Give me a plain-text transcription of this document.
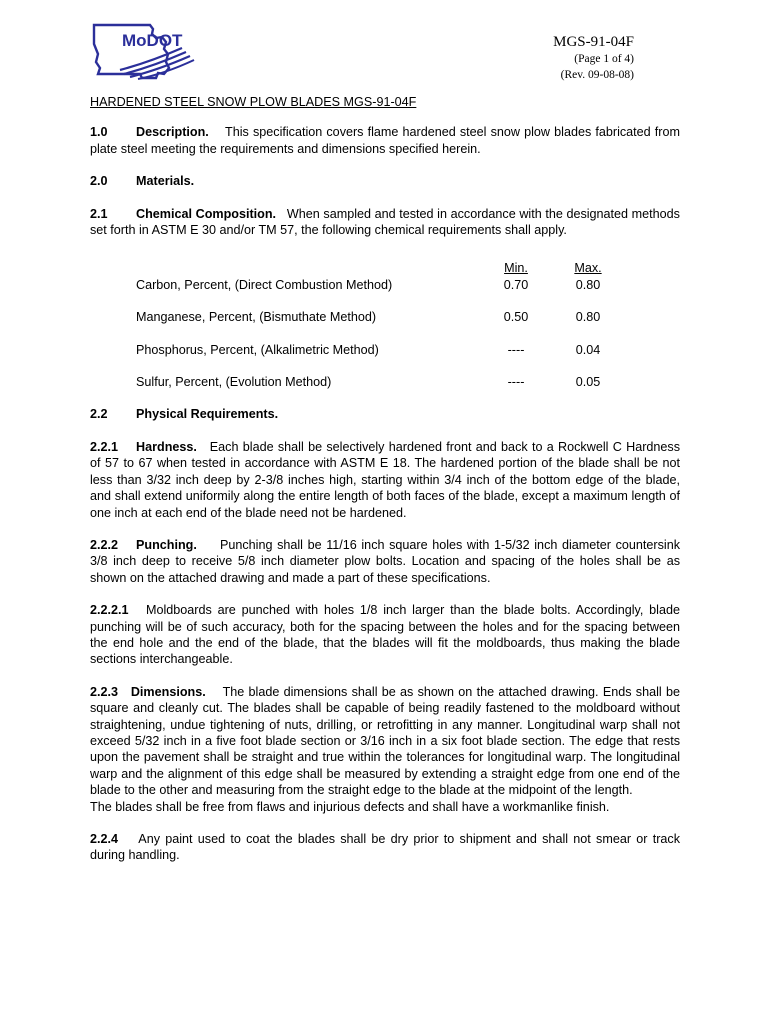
MoDOT	MGS-91-04F
(Page 1 of 4)
(Rev. 09-08-08)
HARDENED STEEL SNOW PLOW BLADES MGS-91-04F

1.0 Description. This specification covers flame hardened steel snow plow blades fabricated from plate steel meeting the requirements and dimensions specified herein.

2.0 Materials.

2.1 Chemical Composition. When sampled and tested in accordance with the designated methods set forth in ASTM E 30 and/or TM 57, the following chemical requirements shall apply.

	Min.	Max.
Carbon, Percent, (Direct Combustion Method)	0.70	0.80

Manganese, Percent, (Bismuthate Method)	0.50	0.80

Phosphorus, Percent, (Alkalimetric Method)	----	0.04

Sulfur, Percent, (Evolution Method)	----	0.05

2.2 Physical Requirements.

2.2.1 Hardness. Each blade shall be selectively hardened front and back to a Rockwell C Hardness of 57 to 67 when tested in accordance with ASTM E 18. The hardened portion of the blade shall be not less than 3/32 inch deep by 2-3/8 inches high, starting within 3/4 inch of the bottom edge of the blade, and shall extend uniformily along the entire length of both faces of the blade, except a maximum length of one inch at each end of the blade need not be hardened.

2.2.2 Punching. Punching shall be 11/16 inch square holes with 1-5/32 inch diameter countersink 3/8 inch deep to receive 5/8 inch diameter plow bolts. Location and spacing of the holes shall be as shown on the attached drawing and made a part of these specifications.

2.2.2.1 Moldboards are punched with holes 1/8 inch larger than the blade bolts. Accordingly, blade punching will be of such accuracy, both for the spacing between the holes and for the spacing between the end hole and the end of the blade, that the blades will fit the moldboards, thus making the blade sections interchangeable.

2.2.3 Dimensions. The blade dimensions shall be as shown on the attached drawing. Ends shall be square and cleanly cut. The blades shall be capable of being readily fastened to the moldboard without straightening, undue tightening of nuts, drilling, or retrofitting in any manner. Longitudinal warp shall not exceed 5/32 inch in a five foot blade section or 3/16 inch in a six foot blade section. The edge that rests upon the pavement shall be straight and true within the tolerances for longitudinal warp. The longitudinal warp and the alignment of this edge shall be measured by extending a straight edge from one end of the blade to the other and measuring from the straight edge to the blade at the midpoint of the length.

The blades shall be free from flaws and injurious defects and shall have a workmanlike finish.

2.2.4 Any paint used to coat the blades shall be dry prior to shipment and shall not smear or track during handling.
